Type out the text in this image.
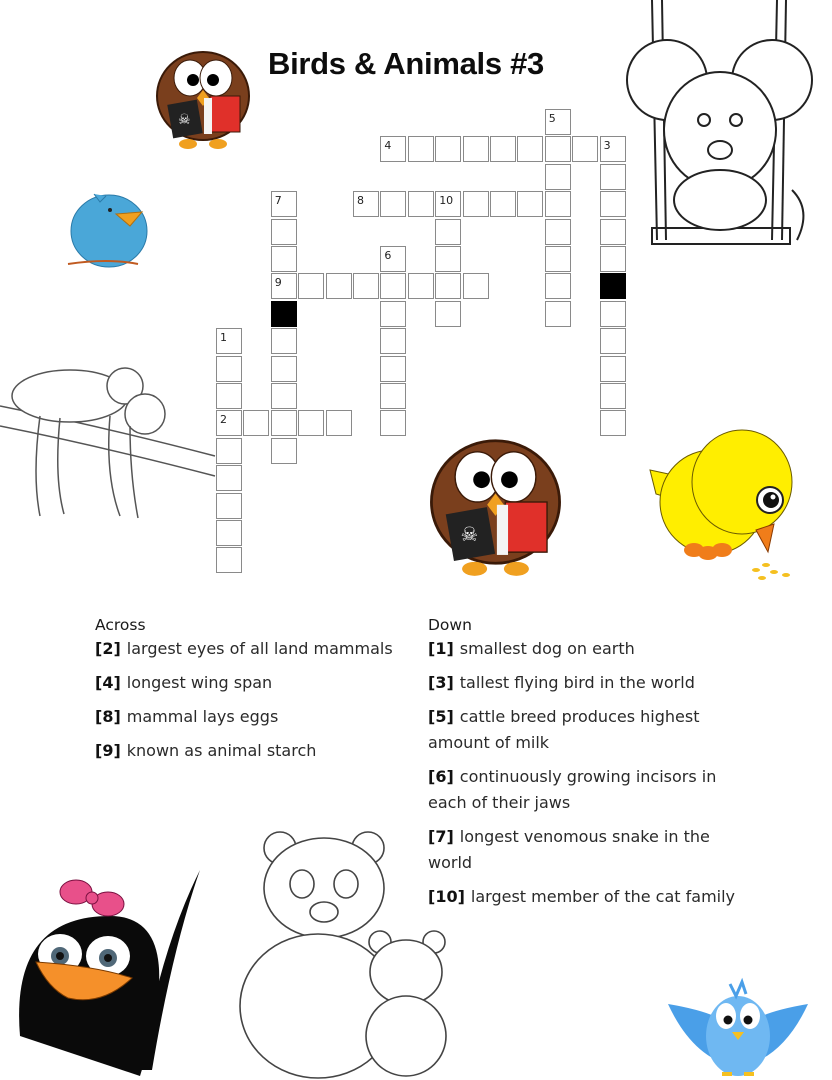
Birds & Animals #3
5
4	3
7	8	10
6
9
1
2
Across
[2] largest eyes of all land mammals
[4] longest wing span
[8] mammal lays eggs
[9] known as animal starch
Down
[1] smallest dog on earth
[3] tallest flying bird in the world
[5] cattle breed produces highest amount of milk
[6] continuously growing incisors in each of their jaws
[7] longest venomous snake in the world
[10] largest member of the cat family
☠
☠
